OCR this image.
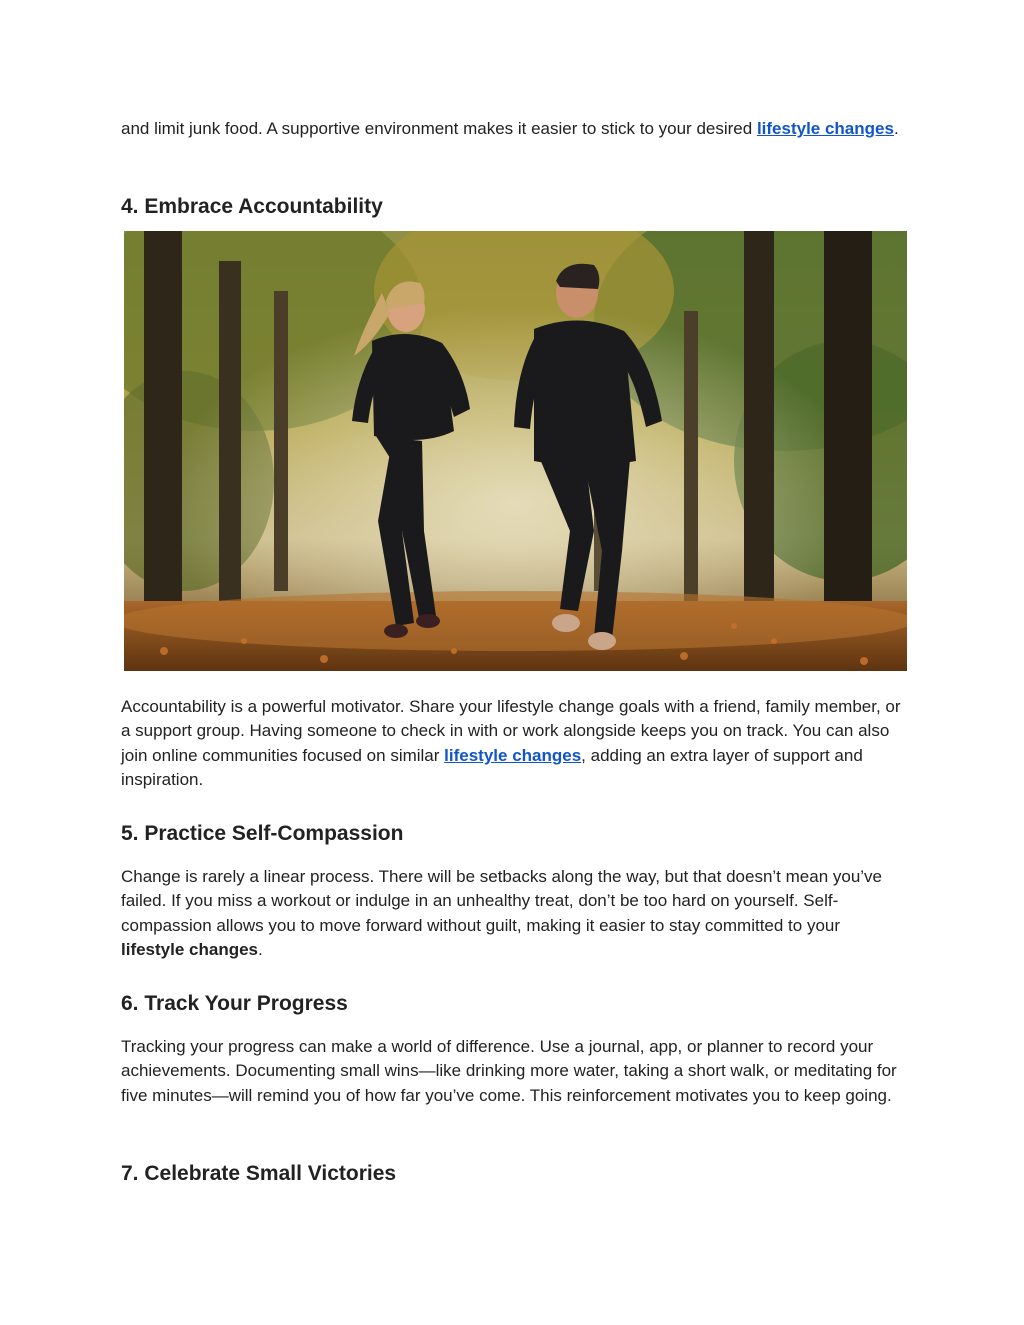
and limit junk food. A supportive environment makes it easier to stick to your desired lifestyle changes.

4. Embrace Accountability

Accountability is a powerful motivator. Share your lifestyle change goals with a friend, family member, or a support group. Having someone to check in with or work alongside keeps you on track. You can also join online communities focused on similar lifestyle changes, adding an extra layer of support and inspiration.

5. Practice Self-Compassion

Change is rarely a linear process. There will be setbacks along the way, but that doesn’t mean you’ve failed. If you miss a workout or indulge in an unhealthy treat, don’t be too hard on yourself. Self-compassion allows you to move forward without guilt, making it easier to stay committed to your lifestyle changes.

6. Track Your Progress

Tracking your progress can make a world of difference. Use a journal, app, or planner to record your achievements. Documenting small wins—like drinking more water, taking a short walk, or meditating for five minutes—will remind you of how far you’ve come. This reinforcement motivates you to keep going.

7. Celebrate Small Victories
